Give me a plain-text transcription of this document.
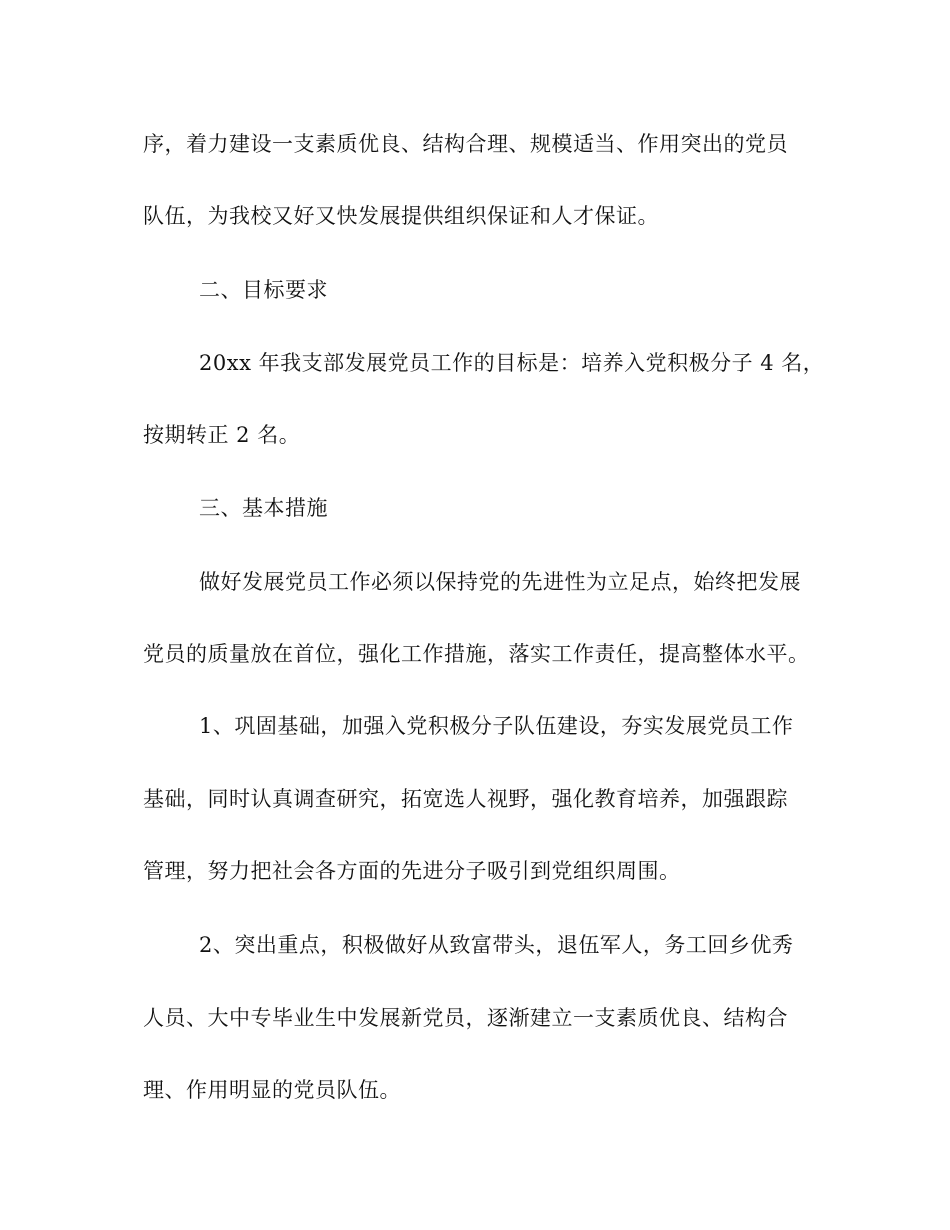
序，着力建设一支素质优良、结构合理、规模适当、作用突出的党员
队伍，为我校又好又快发展提供组织保证和人才保证。
二、目标要求
20xx 年我支部发展党员工作的目标是：培养入党积极分子 4 名，
按期转正 2 名。
三、基本措施
做好发展党员工作必须以保持党的先进性为立足点，始终把发展
党员的质量放在首位，强化工作措施，落实工作责任，提高整体水平。
1、巩固基础，加强入党积极分子队伍建设，夯实发展党员工作
基础，同时认真调查研究，拓宽选人视野，强化教育培养，加强跟踪
管理，努力把社会各方面的先进分子吸引到党组织周围。
2、突出重点，积极做好从致富带头，退伍军人，务工回乡优秀
人员、大中专毕业生中发展新党员，逐渐建立一支素质优良、结构合
理、作用明显的党员队伍。
